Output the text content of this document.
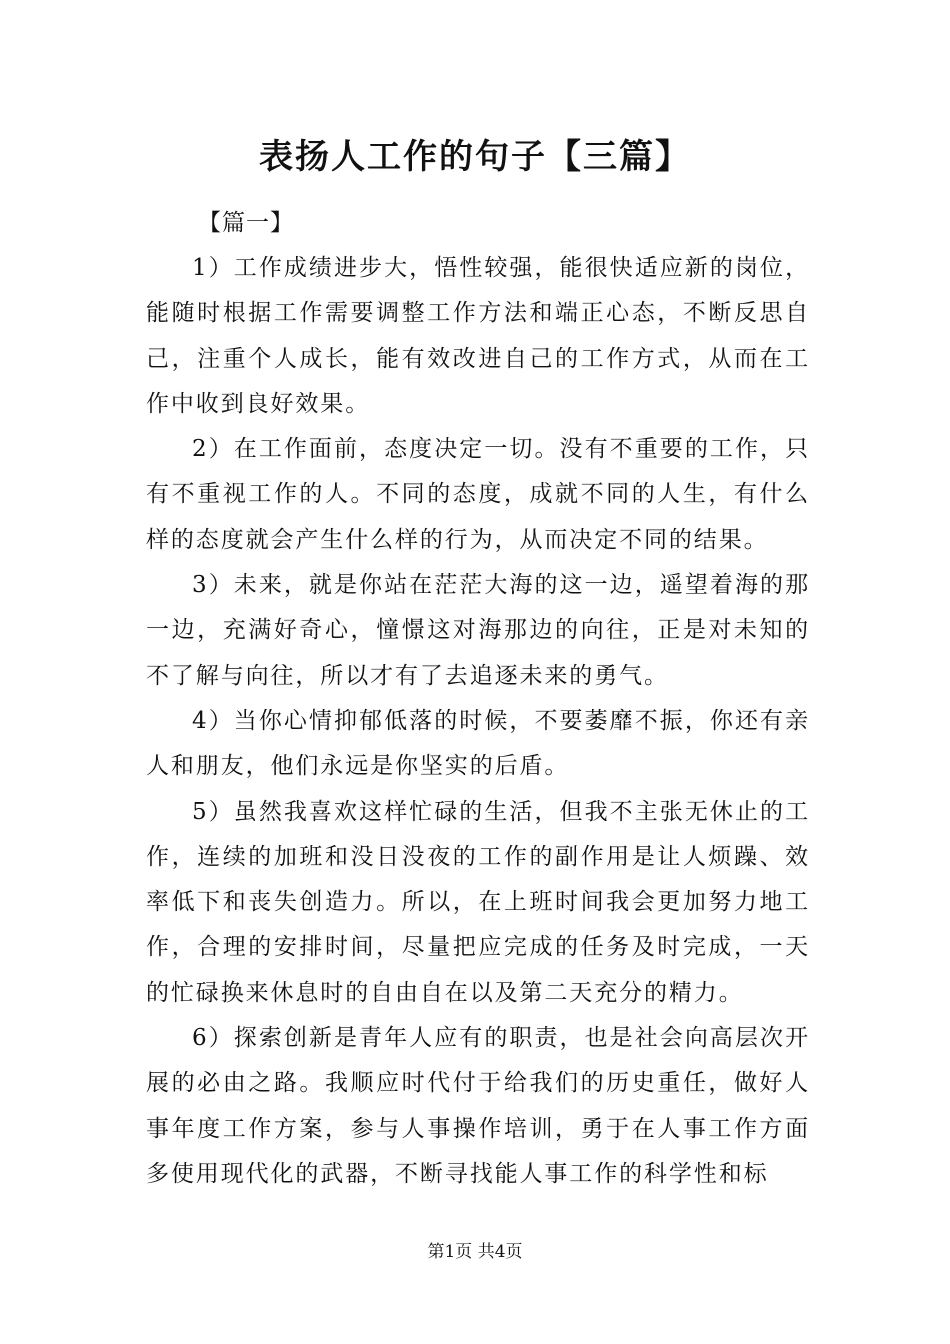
表扬人工作的句子【三篇】

【篇一】

1）工作成绩进步大，悟性较强，能很快适应新的岗位，能随时根据工作需要调整工作方法和端正心态，不断反思自己，注重个人成长，能有效改进自己的工作方式，从而在工作中收到良好效果。

2）在工作面前，态度决定一切。没有不重要的工作，只有不重视工作的人。不同的态度，成就不同的人生，有什么样的态度就会产生什么样的行为，从而决定不同的结果。

3）未来，就是你站在茫茫大海的这一边，遥望着海的那一边，充满好奇心，憧憬这对海那边的向往，正是对未知的不了解与向往，所以才有了去追逐未来的勇气。

4）当你心情抑郁低落的时候，不要萎靡不振，你还有亲人和朋友，他们永远是你坚实的后盾。

5）虽然我喜欢这样忙碌的生活，但我不主张无休止的工作，连续的加班和没日没夜的工作的副作用是让人烦躁、效率低下和丧失创造力。所以，在上班时间我会更加努力地工作，合理的安排时间，尽量把应完成的任务及时完成，一天的忙碌换来休息时的自由自在以及第二天充分的精力。

6）探索创新是青年人应有的职责，也是社会向高层次开展的必由之路。我顺应时代付于给我们的历史重任，做好人事年度工作方案，参与人事操作培训，勇于在人事工作方面多使用现代化的武器，不断寻找能人事工作的科学性和标

第1页 共4页
